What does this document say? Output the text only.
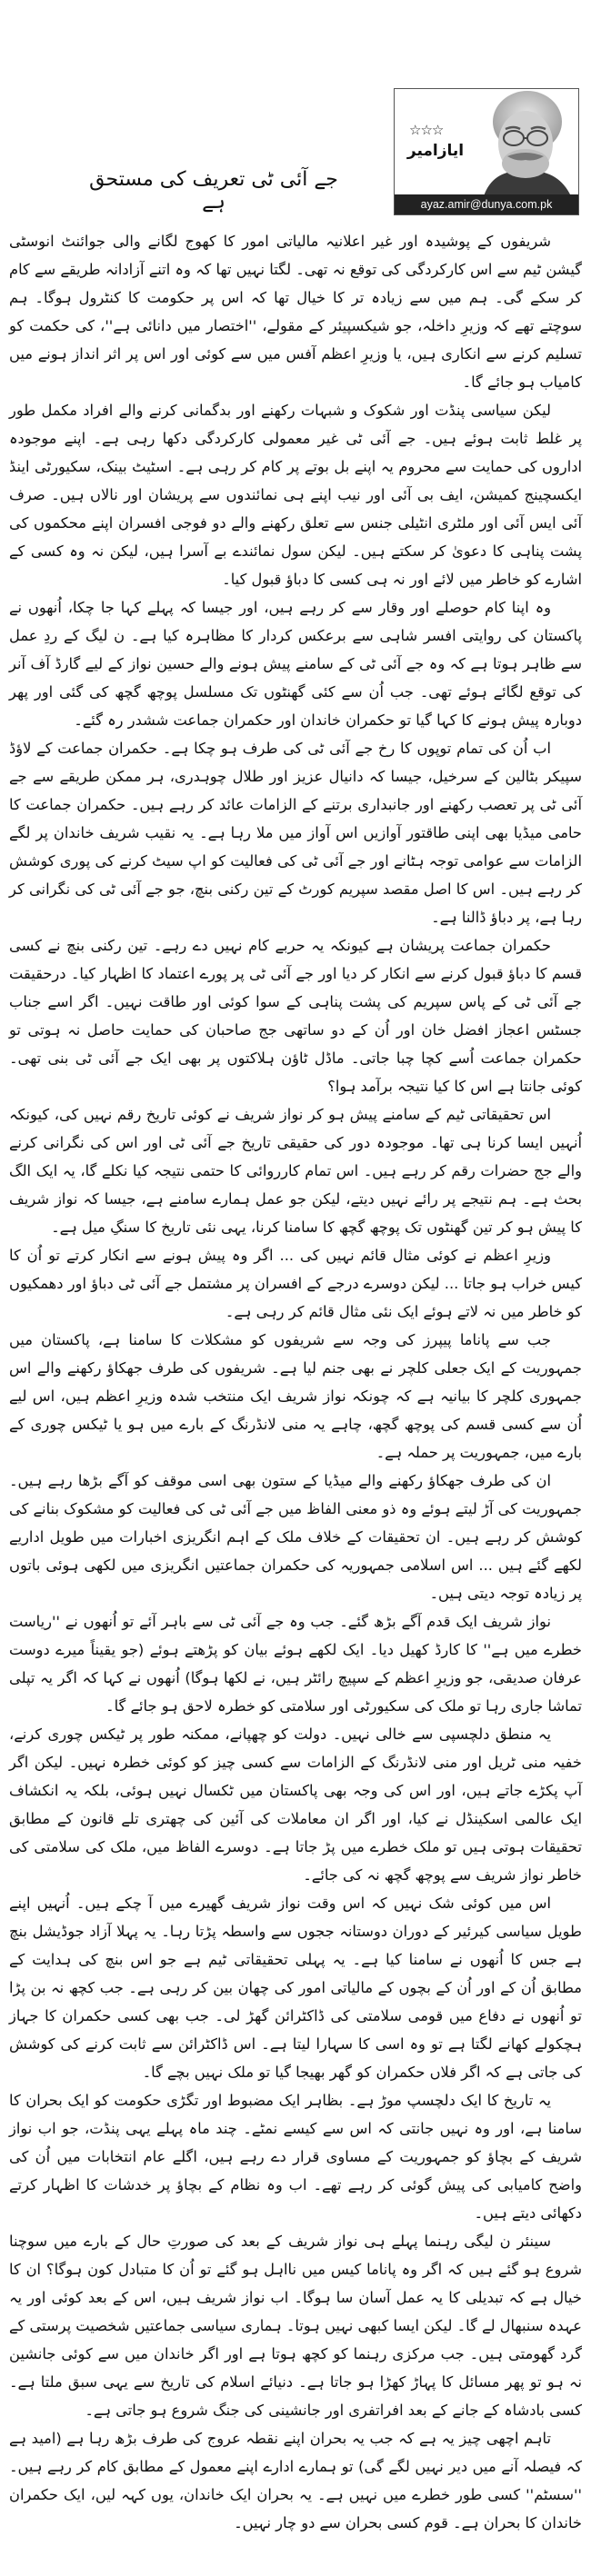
☆☆☆
ایازامیر
ayaz.amir@dunya.com.pk
جے آئی ٹی تعریف کی مستحق ہے

شریفوں کے پوشیدہ اور غیر اعلانیہ مالیاتی امور کا کھوج لگانے والی جوائنٹ انوسٹی گیشن ٹیم سے اس کارکردگی کی توقع نہ تھی۔ لگتا نہیں تھا کہ وہ اتنے آزادانہ طریقے سے کام کر سکے گی۔ ہم میں سے زیادہ تر کا خیال تھا کہ اس پر حکومت کا کنٹرول ہوگا۔ ہم سوچتے تھے کہ وزیرِ داخلہ، جو شیکسپیئر کے مقولے، ''اختصار میں دانائی ہے''، کی حکمت کو تسلیم کرنے سے انکاری ہیں، یا وزیرِ اعظم آفس میں سے کوئی اور اس پر اثر انداز ہونے میں کامیاب ہو جائے گا۔

لیکن سیاسی پنڈت اور شکوک و شبہات رکھنے اور بدگمانی کرنے والے افراد مکمل طور پر غلط ثابت ہوئے ہیں۔ جے آئی ٹی غیر معمولی کارکردگی دکھا رہی ہے۔ اپنے موجودہ اداروں کی حمایت سے محروم یہ اپنے بل بوتے پر کام کر رہی ہے۔ اسٹیٹ بینک، سکیورٹی اینڈ ایکسچینج کمیشن، ایف بی آئی اور نیب اپنے ہی نمائندوں سے پریشان اور نالاں ہیں۔ صرف آئی ایس آئی اور ملٹری انٹیلی جنس سے تعلق رکھنے والے دو فوجی افسران اپنے محکموں کی پشت پناہی کا دعویٰ کر سکتے ہیں۔ لیکن سول نمائندے بے آسرا ہیں، لیکن نہ وہ کسی کے اشارے کو خاطر میں لائے اور نہ ہی کسی کا دباؤ قبول کیا۔

وہ اپنا کام حوصلے اور وقار سے کر رہے ہیں، اور جیسا کہ پہلے کہا جا چکا، اُنھوں نے پاکستان کی روایتی افسر شاہی سے برعکس کردار کا مظاہرہ کیا ہے۔ ن لیگ کے ردِ عمل سے ظاہر ہوتا ہے کہ وہ جے آئی ٹی کے سامنے پیش ہونے والے حسین نواز کے لیے گارڈ آف آنر کی توقع لگائے ہوئے تھی۔ جب اُن سے کئی گھنٹوں تک مسلسل پوچھ گچھ کی گئی اور پھر دوبارہ پیش ہونے کا کہا گیا تو حکمران خاندان اور حکمران جماعت ششدر رہ گئے۔

اب اُن کی تمام توپوں کا رخ جے آئی ٹی کی طرف ہو چکا ہے۔ حکمران جماعت کے لاؤڈ سپیکر بٹالین کے سرخیل، جیسا کہ دانیال عزیز اور طلال چوہدری، ہر ممکن طریقے سے جے آئی ٹی پر تعصب رکھنے اور جانبداری برتنے کے الزامات عائد کر رہے ہیں۔ حکمران جماعت کا حامی میڈیا بھی اپنی طاقتور آوازیں اس آواز میں ملا رہا ہے۔ یہ نقیب شریف خاندان پر لگے الزامات سے عوامی توجہ ہٹانے اور جے آئی ٹی کی فعالیت کو اپ سیٹ کرنے کی پوری کوشش کر رہے ہیں۔ اس کا اصل مقصد سپریم کورٹ کے تین رکنی بنچ، جو جے آئی ٹی کی نگرانی کر رہا ہے، پر دباؤ ڈالنا ہے۔

حکمران جماعت پریشان ہے کیونکہ یہ حربے کام نہیں دے رہے۔ تین رکنی بنچ نے کسی قسم کا دباؤ قبول کرنے سے انکار کر دیا اور جے آئی ٹی پر پورے اعتماد کا اظہار کیا۔ درحقیقت جے آئی ٹی کے پاس سپریم کی پشت پناہی کے سوا کوئی اور طاقت نہیں۔ اگر اسے جناب جسٹس اعجاز افضل خان اور اُن کے دو ساتھی جج صاحبان کی حمایت حاصل نہ ہوتی تو حکمران جماعت اُسے کچا چبا جاتی۔ ماڈل ٹاؤن ہلاکتوں پر بھی ایک جے آئی ٹی بنی تھی۔ کوئی جانتا ہے اس کا کیا نتیجہ برآمد ہوا؟

اس تحقیقاتی ٹیم کے سامنے پیش ہو کر نواز شریف نے کوئی تاریخ رقم نہیں کی، کیونکہ اُنہیں ایسا کرنا ہی تھا۔ موجودہ دور کی حقیقی تاریخ جے آئی ٹی اور اس کی نگرانی کرنے والے جج حضرات رقم کر رہے ہیں۔ اس تمام کارروائی کا حتمی نتیجہ کیا نکلے گا، یہ ایک الگ بحث ہے۔ ہم نتیجے پر رائے نہیں دیتے، لیکن جو عمل ہمارے سامنے ہے، جیسا کہ نواز شریف کا پیش ہو کر تین گھنٹوں تک پوچھ گچھ کا سامنا کرنا، یہی نئی تاریخ کا سنگِ میل ہے۔

وزیرِ اعظم نے کوئی مثال قائم نہیں کی ... اگر وہ پیش ہونے سے انکار کرتے تو اُن کا کیس خراب ہو جاتا ... لیکن دوسرے درجے کے افسران پر مشتمل جے آئی ٹی دباؤ اور دھمکیوں کو خاطر میں نہ لاتے ہوئے ایک نئی مثال قائم کر رہی ہے۔

جب سے پاناما پیپرز کی وجہ سے شریفوں کو مشکلات کا سامنا ہے، پاکستان میں جمہوریت کے ایک جعلی کلچر نے بھی جنم لیا ہے۔ شریفوں کی طرف جھکاؤ رکھنے والے اس جمہوری کلچر کا بیانیہ ہے کہ چونکہ نواز شریف ایک منتخب شدہ وزیرِ اعظم ہیں، اس لیے اُن سے کسی قسم کی پوچھ گچھ، چاہے یہ منی لانڈرنگ کے بارے میں ہو یا ٹیکس چوری کے بارے میں، جمہوریت پر حملہ ہے۔

ان کی طرف جھکاؤ رکھنے والے میڈیا کے ستون بھی اسی موقف کو آگے بڑھا رہے ہیں۔ جمہوریت کی آڑ لیتے ہوئے وہ ذو معنی الفاظ میں جے آئی ٹی کی فعالیت کو مشکوک بنانے کی کوشش کر رہے ہیں۔ ان تحقیقات کے خلاف ملک کے اہم انگریزی اخبارات میں طویل اداریے لکھے گئے ہیں ... اس اسلامی جمہوریہ کی حکمران جماعتیں انگریزی میں لکھی ہوئی باتوں پر زیادہ توجہ دیتی ہیں۔

نواز شریف ایک قدم آگے بڑھ گئے۔ جب وہ جے آئی ٹی سے باہر آئے تو اُنھوں نے ''ریاست خطرے میں ہے'' کا کارڈ کھیل دیا۔ ایک لکھے ہوئے بیان کو پڑھتے ہوئے (جو یقیناً میرے دوست عرفان صدیقی، جو وزیرِ اعظم کے سپیچ رائٹر ہیں، نے لکھا ہوگا) اُنھوں نے کہا کہ اگر یہ تپلی تماشا جاری رہا تو ملک کی سکیورٹی اور سلامتی کو خطرہ لاحق ہو جائے گا۔

یہ منطق دلچسپی سے خالی نہیں۔ دولت کو چھپانے، ممکنہ طور پر ٹیکس چوری کرنے، خفیہ منی ٹریل اور منی لانڈرنگ کے الزامات سے کسی چیز کو کوئی خطرہ نہیں۔ لیکن اگر آپ پکڑے جاتے ہیں، اور اس کی وجہ بھی پاکستان میں ٹکسال نہیں ہوئی، بلکہ یہ انکشاف ایک عالمی اسکینڈل نے کیا، اور اگر ان معاملات کی آئین کی چھتری تلے قانون کے مطابق تحقیقات ہوتی ہیں تو ملک خطرے میں پڑ جاتا ہے۔ دوسرے الفاظ میں، ملک کی سلامتی کی خاطر نواز شریف سے پوچھ گچھ نہ کی جائے۔

اس میں کوئی شک نہیں کہ اس وقت نواز شریف گھیرے میں آ چکے ہیں۔ اُنہیں اپنے طویل سیاسی کیرئیر کے دوران دوستانہ ججوں سے واسطہ پڑتا رہا۔ یہ پہلا آزاد جوڈیشل بنچ ہے جس کا اُنھوں نے سامنا کیا ہے۔ یہ پہلی تحقیقاتی ٹیم ہے جو اس بنچ کی ہدایت کے مطابق اُن کے اور اُن کے بچوں کے مالیاتی امور کی چھان بین کر رہی ہے۔ جب کچھ نہ بن پڑا تو اُنھوں نے دفاع میں قومی سلامتی کی ڈاکٹرائن گھڑ لی۔ جب بھی کسی حکمران کا جہاز ہچکولے کھانے لگتا ہے تو وہ اسی کا سہارا لیتا ہے۔ اس ڈاکٹرائن سے ثابت کرنے کی کوشش کی جاتی ہے کہ اگر فلاں حکمران کو گھر بھیجا گیا تو ملک نہیں بچے گا۔

یہ تاریخ کا ایک دلچسپ موڑ ہے۔ بظاہر ایک مضبوط اور تگڑی حکومت کو ایک بحران کا سامنا ہے، اور وہ نہیں جانتی کہ اس سے کیسے نمٹے۔ چند ماہ پہلے یہی پنڈت، جو اب نواز شریف کے بچاؤ کو جمہوریت کے مساوی قرار دے رہے ہیں، اگلے عام انتخابات میں اُن کی واضح کامیابی کی پیش گوئی کر رہے تھے۔ اب وہ نظام کے بچاؤ پر خدشات کا اظہار کرتے دکھائی دیتے ہیں۔

سینئر ن لیگی رہنما پہلے ہی نواز شریف کے بعد کی صورتِ حال کے بارے میں سوچنا شروع ہو گئے ہیں کہ اگر وہ پاناما کیس میں نااہل ہو گئے تو اُن کا متبادل کون ہوگا؟ ان کا خیال ہے کہ تبدیلی کا یہ عمل آسان سا ہوگا۔ اب نواز شریف ہیں، اس کے بعد کوئی اور یہ عہدہ سنبھال لے گا۔ لیکن ایسا کبھی نہیں ہوتا۔ ہماری سیاسی جماعتیں شخصیت پرستی کے گرد گھومتی ہیں۔ جب مرکزی رہنما کو کچھ ہوتا ہے اور اگر خاندان میں سے کوئی جانشین نہ ہو تو پھر مسائل کا پہاڑ کھڑا ہو جاتا ہے۔ دنیائے اسلام کی تاریخ سے یہی سبق ملتا ہے۔ کسی بادشاہ کے جانے کے بعد افراتفری اور جانشینی کی جنگ شروع ہو جاتی ہے۔

تاہم اچھی چیز یہ ہے کہ جب یہ بحران اپنے نقطہ عروج کی طرف بڑھ رہا ہے (امید ہے کہ فیصلہ آنے میں دیر نہیں لگے گی) تو ہمارے ادارے اپنے معمول کے مطابق کام کر رہے ہیں۔ ''سسٹم'' کسی طور خطرے میں نہیں ہے۔ یہ بحران ایک خاندان، یوں کہہ لیں، ایک حکمران خاندان کا بحران ہے۔ قوم کسی بحران سے دو چار نہیں۔
